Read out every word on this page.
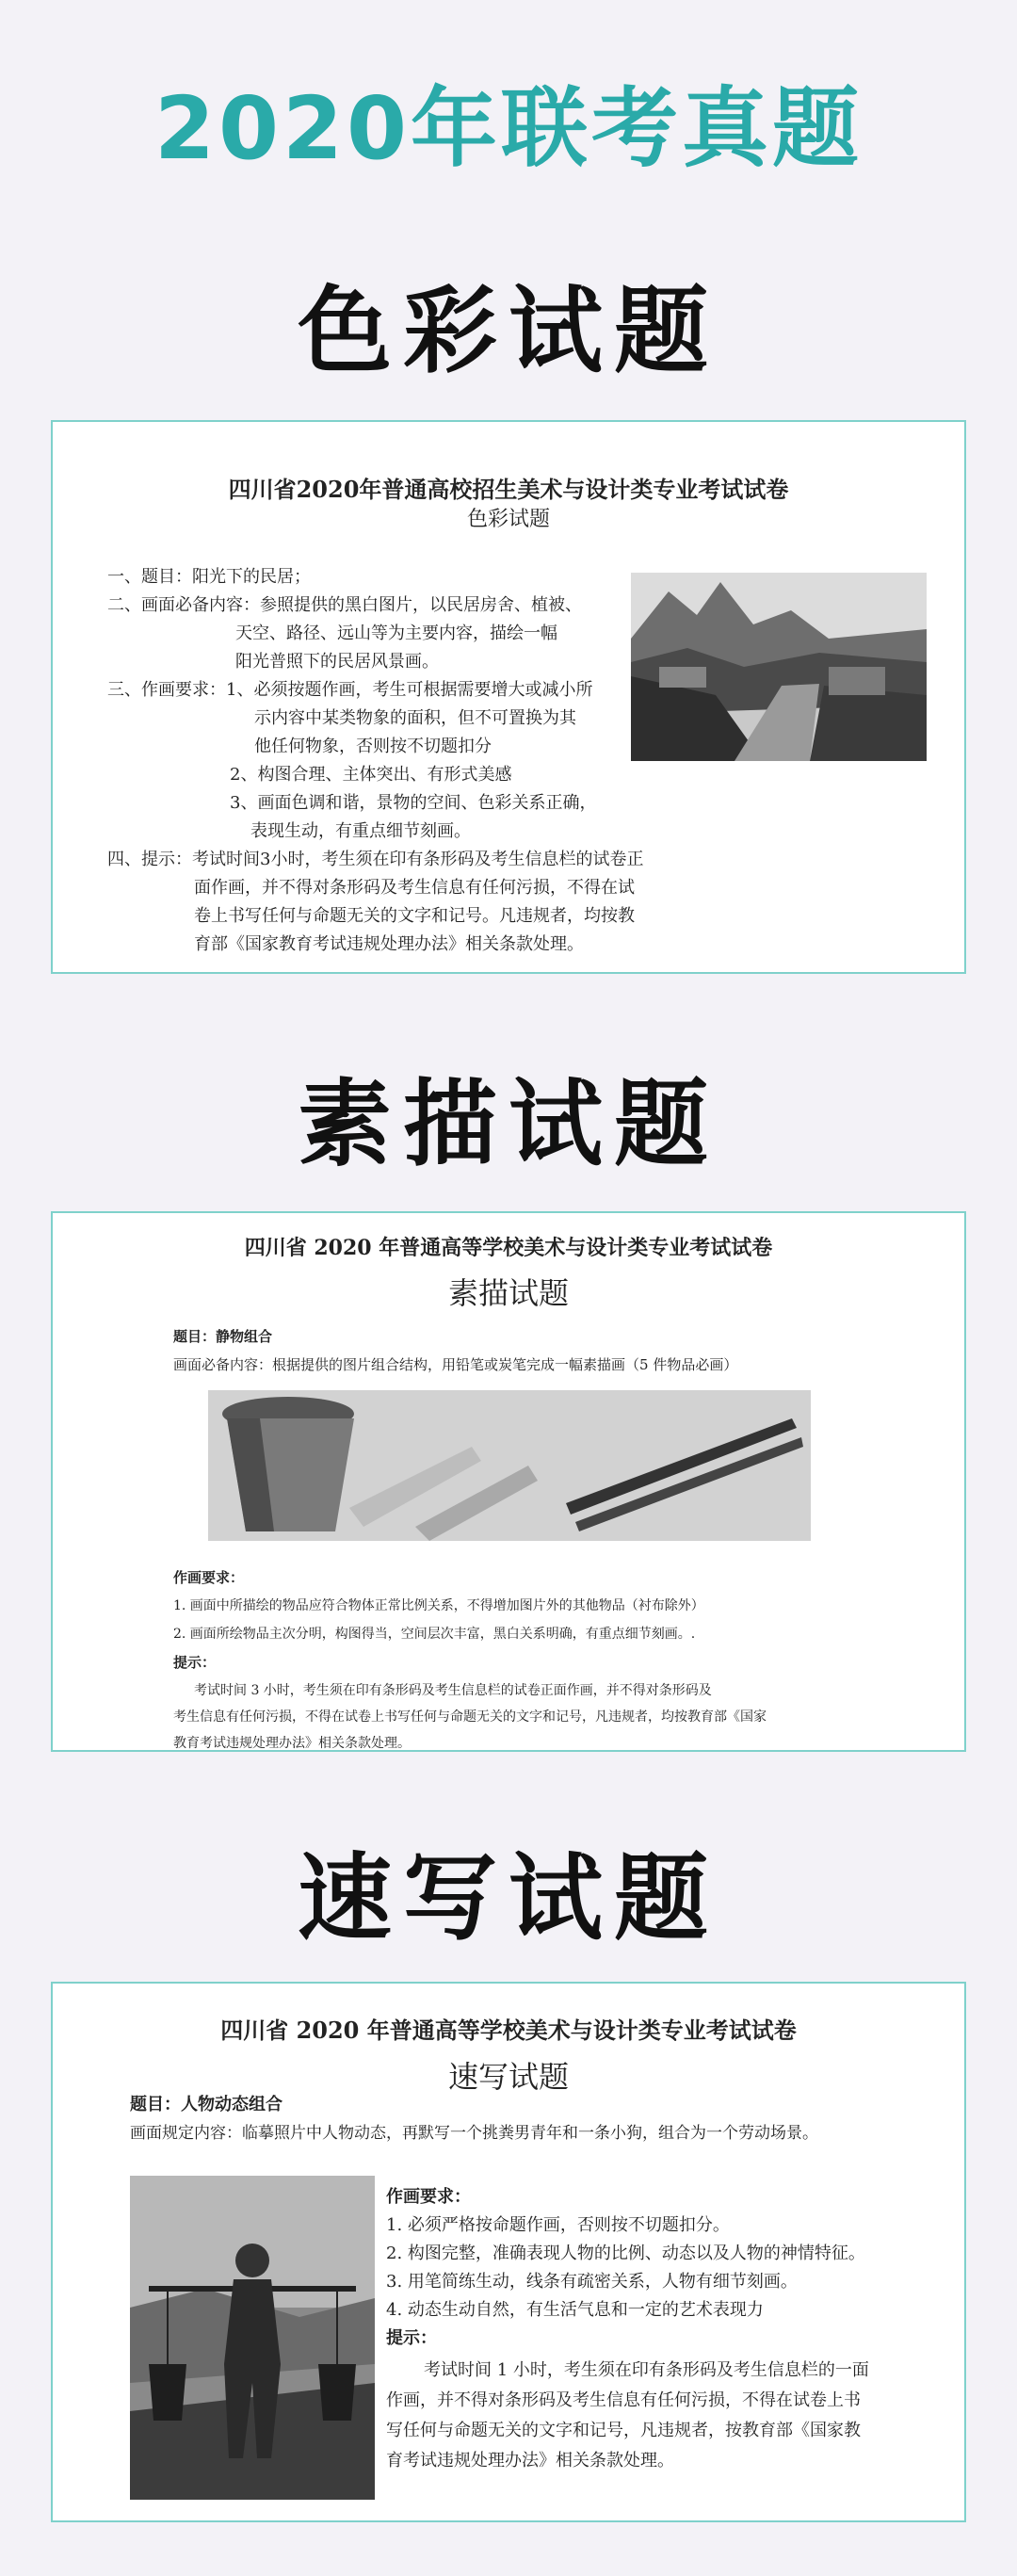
2020年联考真题
色彩试题
四川省2020年普通高校招生美术与设计类专业考试试卷
色彩试题
一、题目：阳光下的民居；
二、画面必备内容：参照提供的黑白图片，以民居房舍、植被、
天空、路径、远山等为主要内容，描绘一幅
阳光普照下的民居风景画。
三、作画要求：1、必须按题作画，考生可根据需要增大或减小所
示内容中某类物象的面积，但不可置换为其
他任何物象，否则按不切题扣分
2、构图合理、主体突出、有形式美感
3、画面色调和谐，景物的空间、色彩关系正确，
表现生动，有重点细节刻画。
四、提示：考试时间3小时，考生须在印有条形码及考生信息栏的试卷正
面作画，并不得对条形码及考生信息有任何污损，不得在试
卷上书写任何与命题无关的文字和记号。凡违规者，均按教
育部《国家教育考试违规处理办法》相关条款处理。
素描试题
四川省 2020 年普通高等学校美术与设计类专业考试试卷
素描试题
题目：静物组合
画面必备内容：根据提供的图片组合结构，用铅笔或炭笔完成一幅素描画（5 件物品必画）
作画要求：
1. 画面中所描绘的物品应符合物体正常比例关系，不得增加图片外的其他物品（衬布除外）
2. 画面所绘物品主次分明，构图得当，空间层次丰富，黑白关系明确，有重点细节刻画。.
提示：
考试时间 3 小时，考生须在印有条形码及考生信息栏的试卷正面作画，并不得对条形码及
考生信息有任何污损，不得在试卷上书写任何与命题无关的文字和记号，凡违规者，均按教育部《国家
教育考试违规处理办法》相关条款处理。
速写试题
四川省 2020 年普通高等学校美术与设计类专业考试试卷
速写试题
题目：人物动态组合
画面规定内容：临摹照片中人物动态，再默写一个挑粪男青年和一条小狗，组合为一个劳动场景。
作画要求：
1. 必须严格按命题作画，否则按不切题扣分。
2. 构图完整，准确表现人物的比例、动态以及人物的神情特征。
3. 用笔简练生动，线条有疏密关系，人物有细节刻画。
4. 动态生动自然，有生活气息和一定的艺术表现力
提示：
考试时间 1 小时，考生须在印有条形码及考生信息栏的一面
作画，并不得对条形码及考生信息有任何污损，不得在试卷上书
写任何与命题无关的文字和记号，凡违规者，按教育部《国家教
育考试违规处理办法》相关条款处理。
